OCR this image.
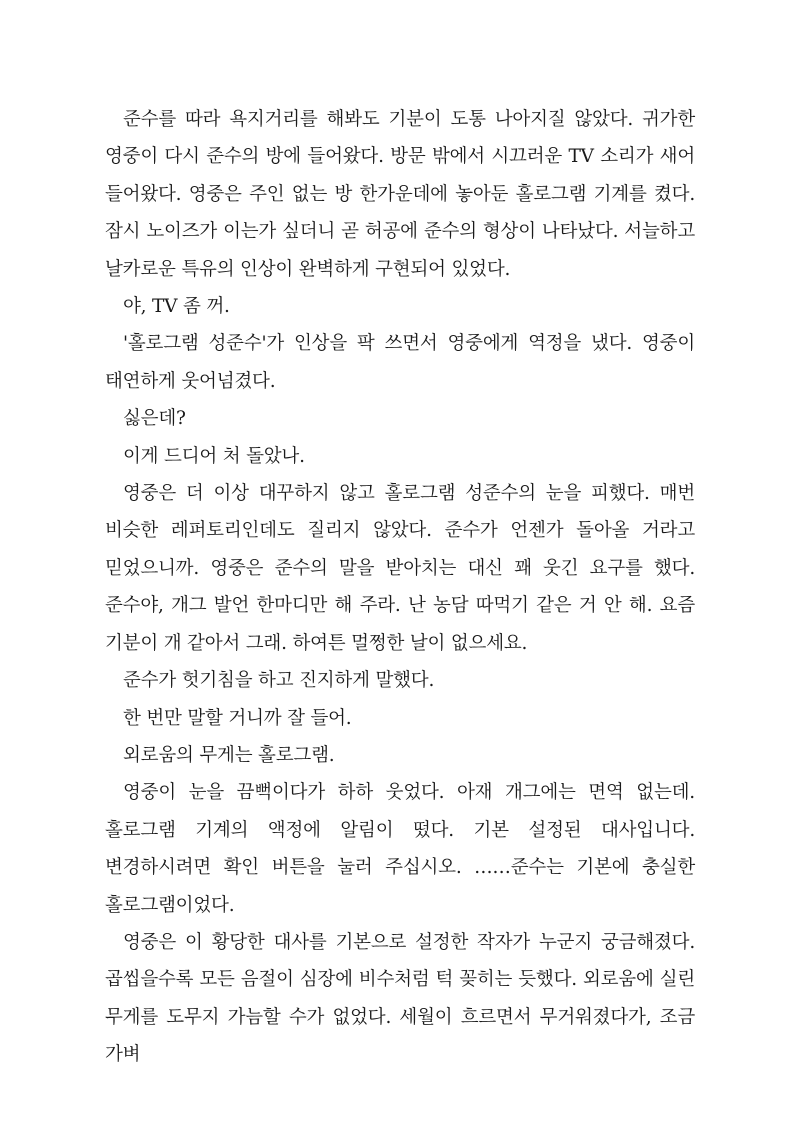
준수를 따라 욕지거리를 해봐도 기분이 도통 나아지질 않았다. 귀가한 영중이 다시 준수의 방에 들어왔다. 방문 밖에서 시끄러운 TV 소리가 새어 들어왔다. 영중은 주인 없는 방 한가운데에 놓아둔 홀로그램 기계를 켰다. 잠시 노이즈가 이는가 싶더니 곧 허공에 준수의 형상이 나타났다. 서늘하고 날카로운 특유의 인상이 완벽하게 구현되어 있었다.

야, TV 좀 꺼.

'홀로그램 성준수'가 인상을 팍 쓰면서 영중에게 역정을 냈다. 영중이 태연하게 웃어넘겼다.

싫은데?

이게 드디어 처 돌았나.

영중은 더 이상 대꾸하지 않고 홀로그램 성준수의 눈을 피했다. 매번 비슷한 레퍼토리인데도 질리지 않았다. 준수가 언젠가 돌아올 거라고 믿었으니까. 영중은 준수의 말을 받아치는 대신 꽤 웃긴 요구를 했다. 준수야, 개그 발언 한마디만 해 주라. 난 농담 따먹기 같은 거 안 해. 요즘 기분이 개 같아서 그래. 하여튼 멀쩡한 날이 없으세요.

준수가 헛기침을 하고 진지하게 말했다.

한 번만 말할 거니까 잘 들어.

외로움의 무게는 홀로그램.

영중이 눈을 끔뻑이다가 하하 웃었다. 아재 개그에는 면역 없는데. 홀로그램 기계의 액정에 알림이 떴다. 기본 설정된 대사입니다. 변경하시려면 확인 버튼을 눌러 주십시오. ……준수는 기본에 충실한 홀로그램이었다.

영중은 이 황당한 대사를 기본으로 설정한 작자가 누군지 궁금해졌다. 곱씹을수록 모든 음절이 심장에 비수처럼 턱 꽂히는 듯했다. 외로움에 실린 무게를 도무지 가늠할 수가 없었다. 세월이 흐르면서 무거워졌다가, 조금 가벼
